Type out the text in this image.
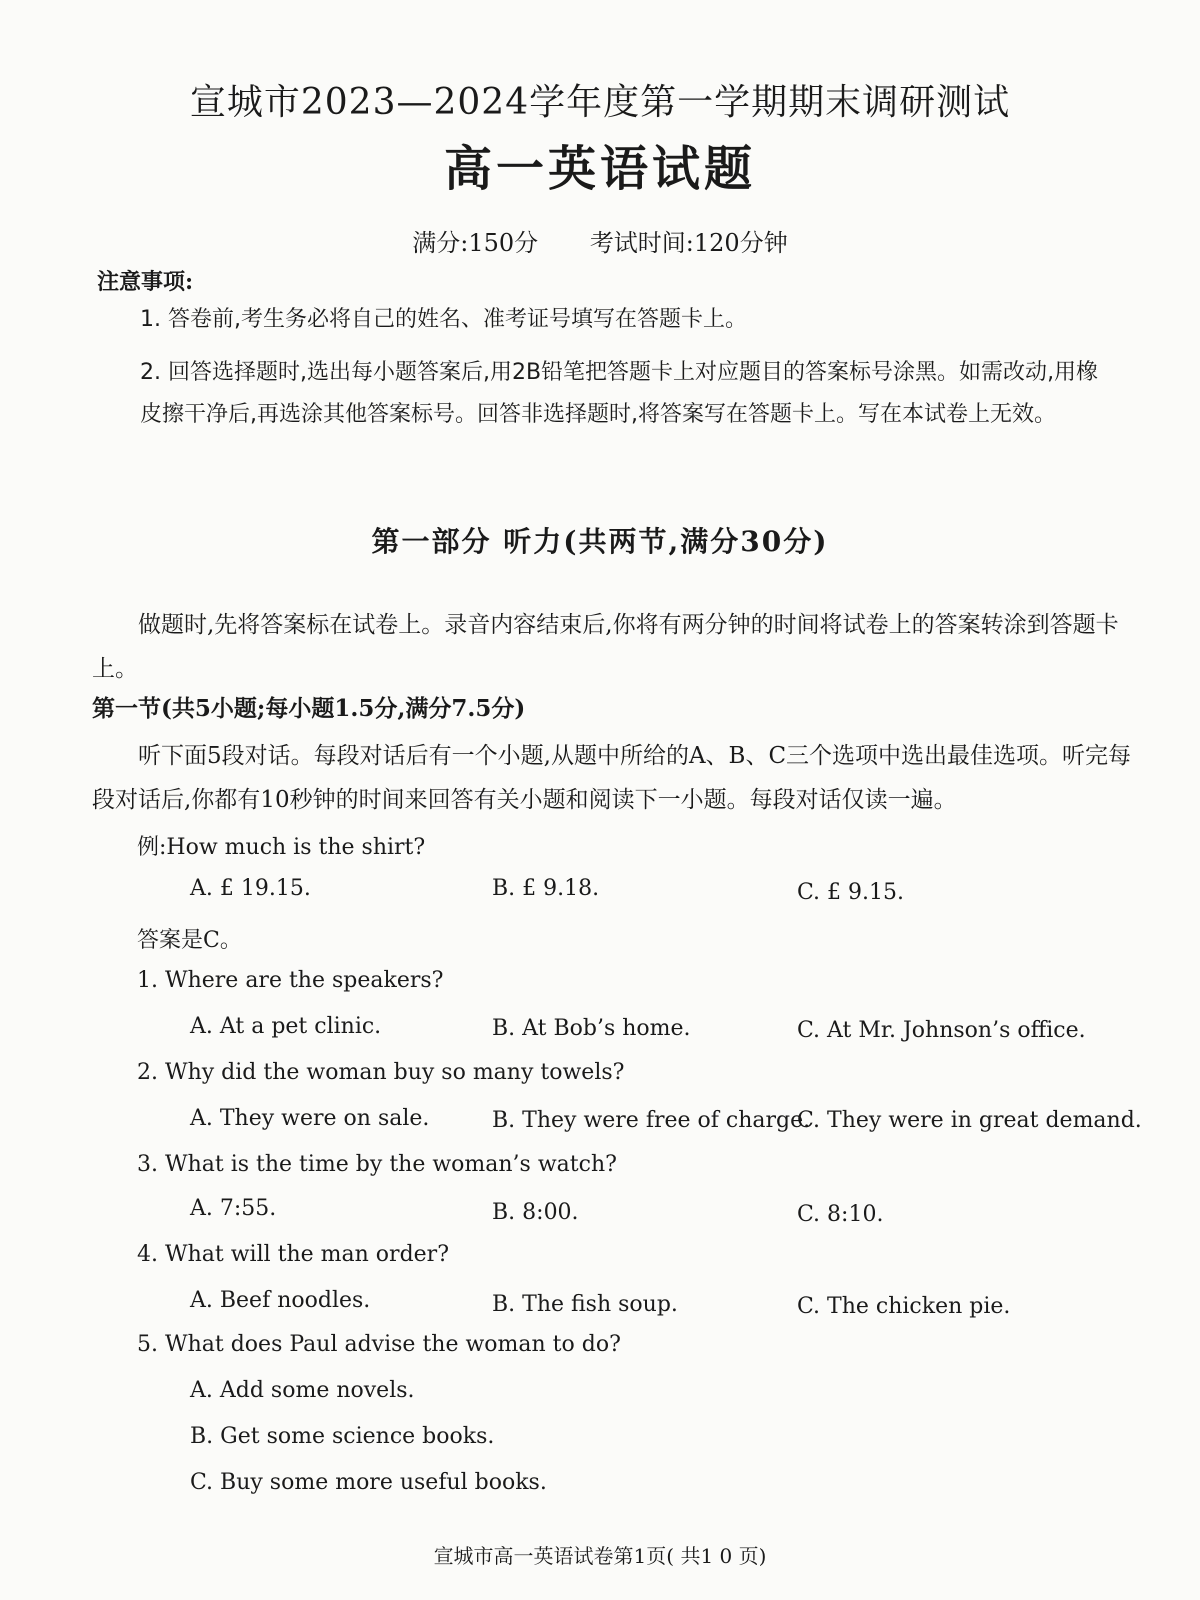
宣城市2023—2024学年度第一学期期末调研测试
高一英语试题
满分:150分 考试时间:120分钟
注意事项:
1. 答卷前,考生务必将自己的姓名、准考证号填写在答题卡上。
2. 回答选择题时,选出每小题答案后,用2B铅笔把答题卡上对应题目的答案标号涂黑。如需改动,用橡皮擦干净后,再选涂其他答案标号。回答非选择题时,将答案写在答题卡上。写在本试卷上无效。
第一部分 听力(共两节,满分30分)
做题时,先将答案标在试卷上。录音内容结束后,你将有两分钟的时间将试卷上的答案转涂到答题卡上。
第一节(共5小题;每小题1.5分,满分7.5分)
听下面5段对话。每段对话后有一个小题,从题中所给的A、B、C三个选项中选出最佳选项。听完每段对话后,你都有10秒钟的时间来回答有关小题和阅读下一小题。每段对话仅读一遍。
例:How much is the shirt?
A. £ 19.15.	B. £ 9.18.	C. £ 9.15.
答案是C。
1. Where are the speakers?
A. At a pet clinic.	B. At Bob’s home.	C. At Mr. Johnson’s office.
2. Why did the woman buy so many towels?
A. They were on sale.	B. They were free of charge.
C. They were in great demand.
3. What is the time by the woman’s watch?
A. 7:55.	B. 8:00.	C. 8:10.
4. What will the man order?
A. Beef noodles.	B. The fish soup.	C. The chicken pie.
5. What does Paul advise the woman to do?
A. Add some novels.
B. Get some science books.
C. Buy some more useful books.
宣城市高一英语试卷第1页( 共1 0 页)
